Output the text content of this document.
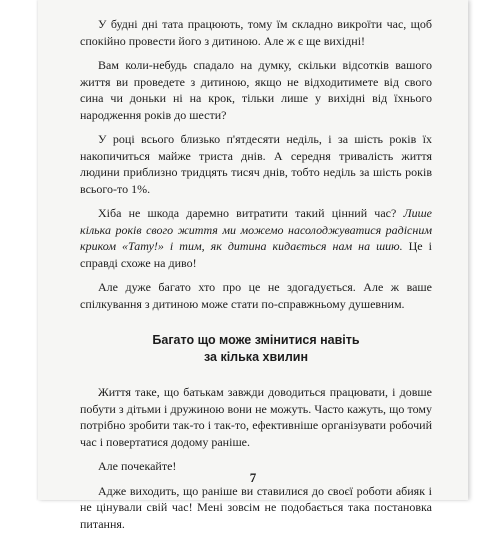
У будні дні тата працюють, тому їм складно викроїти час, щоб спокійно провести його з дитиною. Але ж є ще вихідні!

Вам коли-небудь спадало на думку, скільки відсотків вашого життя ви проведете з дитиною, якщо не відходитимете від свого сина чи доньки ні на крок, тільки лише у вихідні від їхнього народження років до шести?

У році всього близько п'ятдесяти неділь, і за шість років їх накопичиться майже триста днів. А середня тривалість життя людини приблизно тридцять тисяч днів, тобто неділь за шість років всього-то 1%.

Хіба не шкода даремно витратити такий цінний час? Лише кілька років свого життя ми можемо насолоджуватися радісним криком «Тату!» і тим, як дитина кидається нам на шию. Це і справді схоже на диво!

Але дуже багато хто про це не здогадується. Але ж ваше спілкування з дитиною може стати по-справжньому душевним.

Багато що може змінитися навіть
за кілька хвилин

Життя таке, що батькам завжди доводиться працювати, і довше побути з дітьми і дружиною вони не можуть. Часто кажуть, що тому потрібно зробити так-то і так-то, ефективніше організувати робочий час і повертатися додому раніше.

Але почекайте!

Адже виходить, що раніше ви ставилися до своєї роботи абияк і не цінували свій час! Мені зовсім не подобається така постановка питання.

7
